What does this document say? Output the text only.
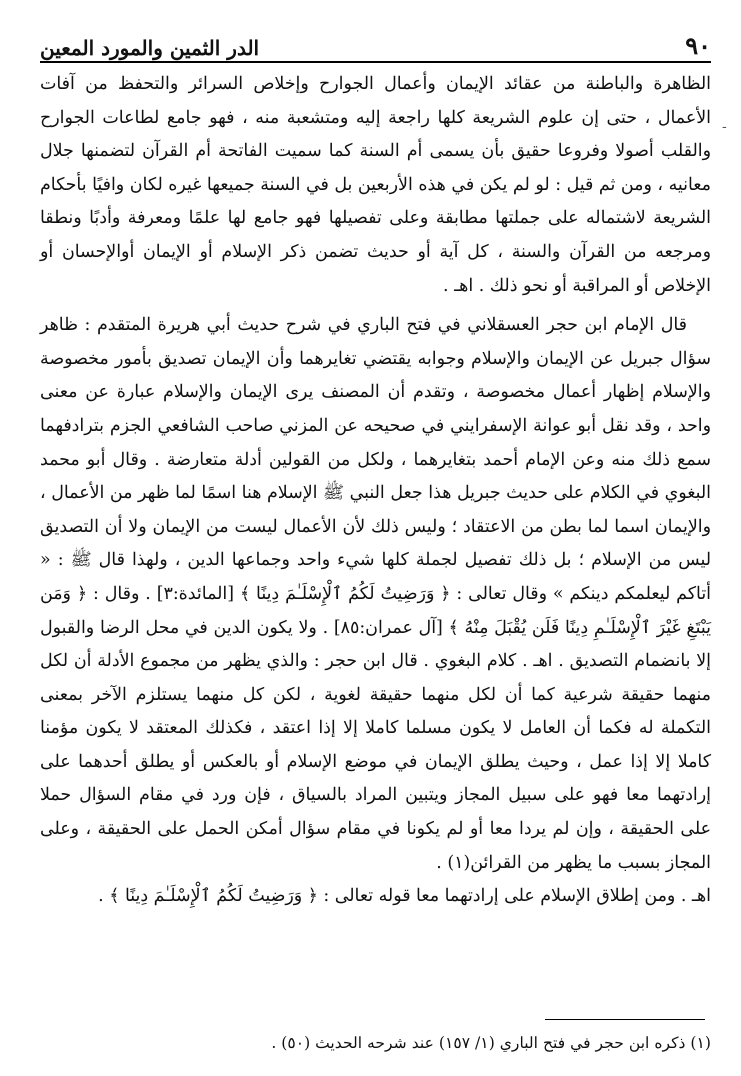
٩٠
الدر الثمين والمورد المعين
-

الظاهرة والباطنة من عقائد الإيمان وأعمال الجوارح وإخلاص السرائر والتحفظ من آفات الأعمال ، حتى إن علوم الشريعة كلها راجعة إليه ومتشعبة منه ، فهو جامع لطاعات الجوارح والقلب أصولا وفروعا حقيق بأن يسمى أم السنة كما سميت الفاتحة أم القرآن لتضمنها جلال معانيه ، ومن ثم قيل : لو لم يكن في هذه الأربعين بل في السنة جميعها غيره لكان وافيًا بأحكام الشريعة لاشتماله على جملتها مطابقة وعلى تفصيلها فهو جامع لها علمًا ومعرفة وأدبًا ونطقا ومرجعه من القرآن والسنة ، كل آية أو حديث تضمن ذكر الإسلام أو الإيمان أوالإحسان أو الإخلاص أو المراقبة أو نحو ذلك . اهـ .

قال الإمام ابن حجر العسقلاني في فتح الباري في شرح حديث أبي هريرة المتقدم : ظاهر سؤال جبريل عن الإيمان والإسلام وجوابه يقتضي تغايرهما وأن الإيمان تصديق بأمور مخصوصة والإسلام إظهار أعمال مخصوصة ، وتقدم أن المصنف يرى الإيمان والإسلام عبارة عن معنى واحد ، وقد نقل أبو عوانة الإسفرايني في صحيحه عن المزني صاحب الشافعي الجزم بترادفهما سمع ذلك منه وعن الإمام أحمد بتغايرهما ، ولكل من القولين أدلة متعارضة . وقال أبو محمد البغوي في الكلام على حديث جبريل هذا جعل النبي ﷺ الإسلام هنا اسمًا لما ظهر من الأعمال ، والإيمان اسما لما بطن من الاعتقاد ؛ وليس ذلك لأن الأعمال ليست من الإيمان ولا أن التصديق ليس من الإسلام ؛ بل ذلك تفصيل لجملة كلها شيء واحد وجماعها الدين ، ولهذا قال ﷺ : « أتاكم ليعلمكم دينكم » وقال تعالى : ﴿ وَرَضِيتُ لَكُمُ ٱلْإِسْلَـٰمَ دِينًا ﴾ [المائدة:٣] . وقال : ﴿ وَمَن يَبْتَغِ غَيْرَ ٱلْإِسْلَـٰمِ دِينًا فَلَن يُقْبَلَ مِنْهُ ﴾ [آل عمران:٨٥] . ولا يكون الدين في محل الرضا والقبول إلا بانضمام التصديق . اهـ . كلام البغوي . قال ابن حجر : والذي يظهر من مجموع الأدلة أن لكل منهما حقيقة شرعية كما أن لكل منهما حقيقة لغوية ، لكن كل منهما يستلزم الآخر بمعنى التكملة له فكما أن العامل لا يكون مسلما كاملا إلا إذا اعتقد ، فكذلك المعتقد لا يكون مؤمنا كاملا إلا إذا عمل ، وحيث يطلق الإيمان في موضع الإسلام أو بالعكس أو يطلق أحدهما على إرادتهما معا فهو على سبيل المجاز ويتبين المراد بالسياق ، فإن ورد في مقام السؤال حملا على الحقيقة ، وإن لم يردا معا أو لم يكونا في مقام سؤال أمكن الحمل على الحقيقة ، وعلى المجاز بسبب ما يظهر من القرائن(١) .

اهـ . ومن إطلاق الإسلام على إرادتهما معا قوله تعالى : ﴿ وَرَضِيتُ لَكُمُ ٱلْإِسْلَـٰمَ دِينًا ﴾ .

(١) ذكره ابن حجر في فتح الباري (١/ ١٥٧) عند شرحه الحديث (٥٠) .
